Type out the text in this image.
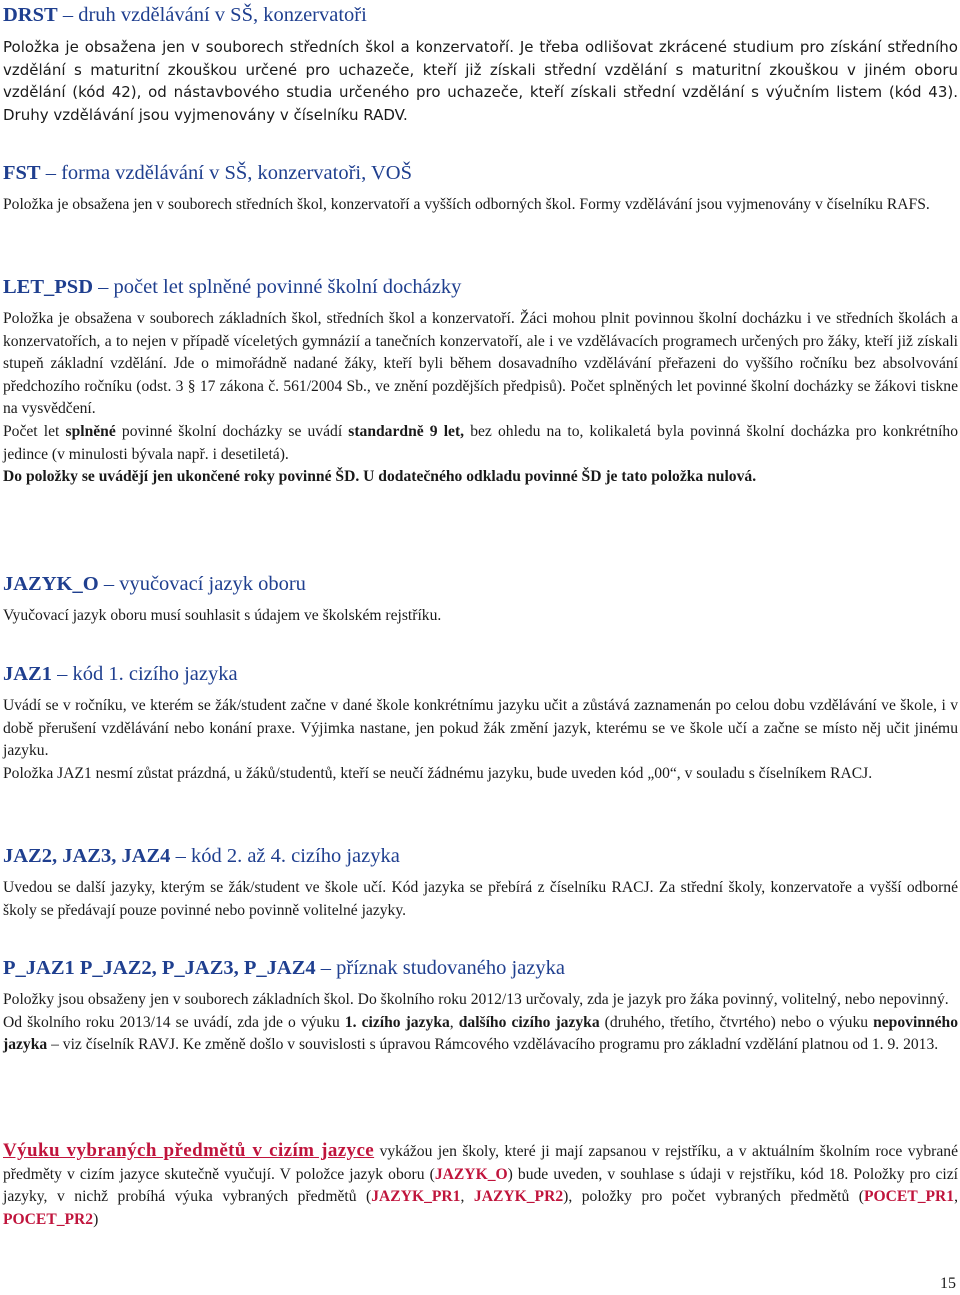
DRST – druh vzdělávání v SŠ, konzervatoři

Položka je obsažena jen v souborech středních škol a konzervatoří. Je třeba odlišovat zkrácené studium pro získání středního vzdělání s maturitní zkouškou určené pro uchazeče, kteří již získali střední vzdělání s maturitní zkouškou v jiném oboru vzdělání (kód 42), od nástavbového studia určeného pro uchazeče, kteří získali střední vzdělání s výučním listem (kód 43). Druhy vzdělávání jsou vyjmenovány v číselníku RADV.

FST – forma vzdělávání v SŠ, konzervatoři, VOŠ

Položka je obsažena jen v souborech středních škol, konzervatoří a vyšších odborných škol. Formy vzdělávání jsou vyjmenovány v číselníku RAFS.

LET_PSD – počet let splněné povinné školní docházky

Položka je obsažena v souborech základních škol, středních škol a konzervatoří. Žáci mohou plnit povinnou školní docházku i ve středních školách a konzervatořích, a to nejen v případě víceletých gymnázií a tanečních konzervatoří, ale i ve vzdělávacích programech určených pro žáky, kteří již získali stupeň základní vzdělání. Jde o mimořádně nadané žáky, kteří byli během dosavadního vzdělávání přeřazeni do vyššího ročníku bez absolvování předchozího ročníku (odst. 3 § 17 zákona č. 561/2004 Sb., ve znění pozdějších předpisů). Počet splněných let povinné školní docházky se žákovi tiskne na vysvědčení.

Počet let splněné povinné školní docházky se uvádí standardně 9 let, bez ohledu na to, kolikaletá byla povinná školní docházka pro konkrétního jedince (v minulosti bývala např. i desetiletá).

Do položky se uvádějí jen ukončené roky povinné ŠD. U dodatečného odkladu povinné ŠD je tato položka nulová.

JAZYK_O – vyučovací jazyk oboru

Vyučovací jazyk oboru musí souhlasit s údajem ve školském rejstříku.

JAZ1 – kód 1. cizího jazyka

Uvádí se v ročníku, ve kterém se žák/student začne v dané škole konkrétnímu jazyku učit a zůstává zaznamenán po celou dobu vzdělávání ve škole, i v době přerušení vzdělávání nebo konání praxe. Výjimka nastane, jen pokud žák změní jazyk, kterému se ve škole učí a začne se místo něj učit jinému jazyku.

Položka JAZ1 nesmí zůstat prázdná, u žáků/studentů, kteří se neučí žádnému jazyku, bude uveden kód „00“, v souladu s číselníkem RACJ.

JAZ2, JAZ3, JAZ4 – kód 2. až 4. cizího jazyka

Uvedou se další jazyky, kterým se žák/student ve škole učí. Kód jazyka se přebírá z číselníku RACJ. Za střední školy, konzervatoře a vyšší odborné školy se předávají pouze povinné nebo povinně volitelné jazyky.

P_JAZ1 P_JAZ2, P_JAZ3, P_JAZ4 – příznak studovaného jazyka

Položky jsou obsaženy jen v souborech základních škol. Do školního roku 2012/13 určovaly, zda je jazyk pro žáka povinný, volitelný, nebo nepovinný.

Od školního roku 2013/14 se uvádí, zda jde o výuku 1. cizího jazyka, dalšího cizího jazyka (druhého, třetího, čtvrtého) nebo o výuku nepovinného jazyka – viz číselník RAVJ. Ke změně došlo v souvislosti s úpravou Rámcového vzdělávacího programu pro základní vzdělání platnou od 1. 9. 2013.

Výuku vybraných předmětů v cizím jazyce vykážou jen školy, které ji mají zapsanou v rejstříku, a v aktuálním školním roce vybrané předměty v cizím jazyce skutečně vyučují. V položce jazyk oboru (JAZYK_O) bude uveden, v souhlase s údaji v rejstříku, kód 18. Položky pro cizí jazyky, v nichž probíhá výuka vybraných předmětů (JAZYK_PR1, JAZYK_PR2), položky pro počet vybraných předmětů (POCET_PR1, POCET_PR2)

15
